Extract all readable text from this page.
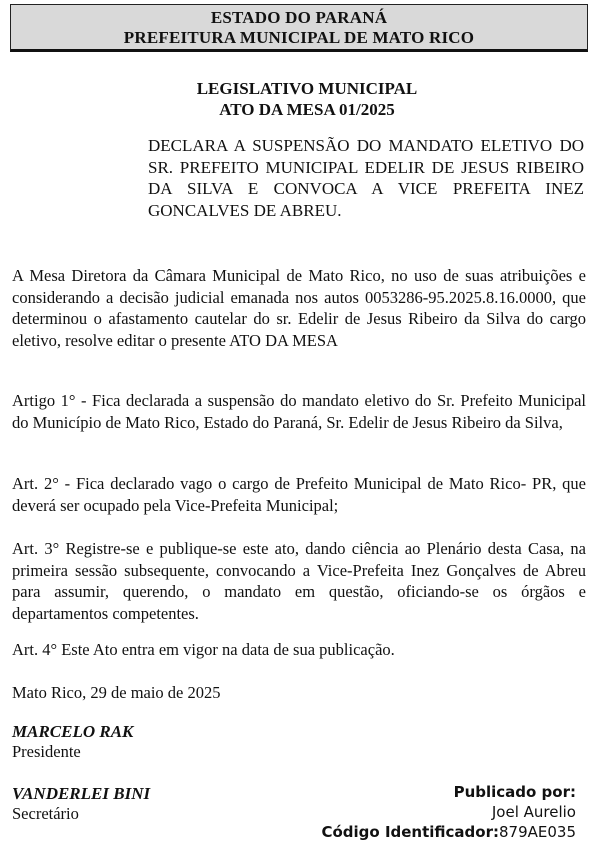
ESTADO DO PARANÁ
PREFEITURA MUNICIPAL DE MATO RICO
LEGISLATIVO MUNICIPAL
ATO DA MESA 01/2025
DECLARA A SUSPENSÃO DO MANDATO ELETIVO DO SR. PREFEITO MUNICIPAL EDELIR DE JESUS RIBEIRO DA SILVA E CONVOCA A VICE PREFEITA INEZ GONCALVES DE ABREU.
A Mesa Diretora da Câmara Municipal de Mato Rico, no uso de suas atribuições e considerando a decisão judicial emanada nos autos 0053286-95.2025.8.16.0000, que determinou o afastamento cautelar do sr. Edelir de Jesus Ribeiro da Silva do cargo eletivo, resolve editar o presente ATO DA MESA
Artigo 1° - Fica declarada a suspensão do mandato eletivo do Sr. Prefeito Municipal do Município de Mato Rico, Estado do Paraná, Sr. Edelir de Jesus Ribeiro da Silva,
Art. 2° - Fica declarado vago o cargo de Prefeito Municipal de Mato Rico- PR, que deverá ser ocupado pela Vice-Prefeita Municipal;
Art. 3° Registre-se e publique-se este ato, dando ciência ao Plenário desta Casa, na primeira sessão subsequente, convocando a Vice-Prefeita Inez Gonçalves de Abreu para assumir, querendo, o mandato em questão, oficiando-se os órgãos e departamentos competentes.
Art. 4° Este Ato entra em vigor na data de sua publicação.
Mato Rico, 29 de maio de 2025
MARCELO RAK
Presidente
VANDERLEI BINI
Secretário
Publicado por:
Joel Aurelio
Código Identificador:879AE035
